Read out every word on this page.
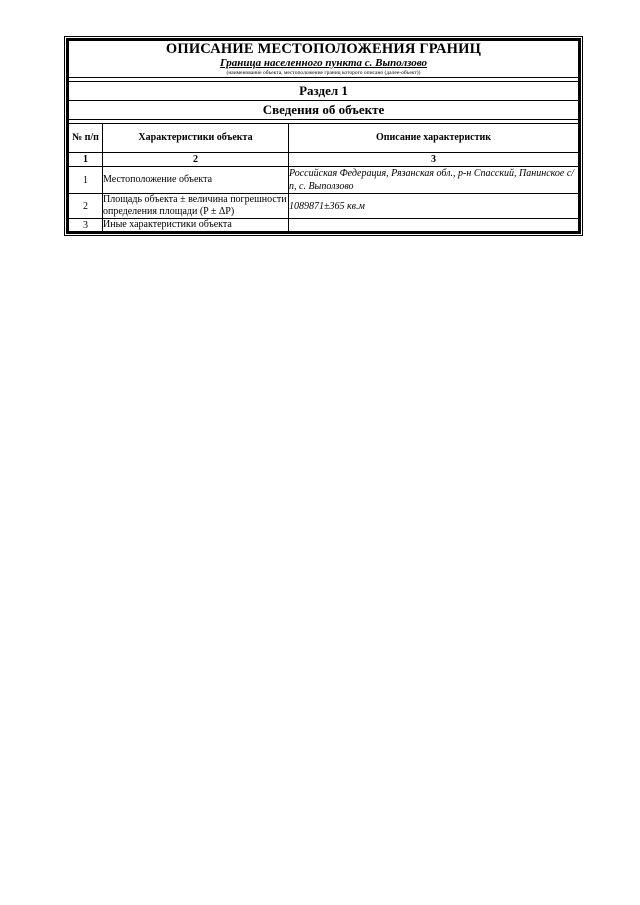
ОПИСАНИЕ МЕСТОПОЛОЖЕНИЯ ГРАНИЦ
Граница населенного пункта с. Выползово
(наименование объекта, местоположение границ которого описано (далее-объект))		

Раздел 1		
Сведения об объекте		

№ п/п	Характеристики объекта	Описание характеристик
1	2	3
1	Местоположение объекта	Российская Федерация, Рязанская обл., р-н Спасский, Панинское с/п, с. Выползово
2	Площадь объекта ± величина погрешности определения площади (P ± ΔP)	1089871±365 кв.м
3	Иные характеристики объекта	
